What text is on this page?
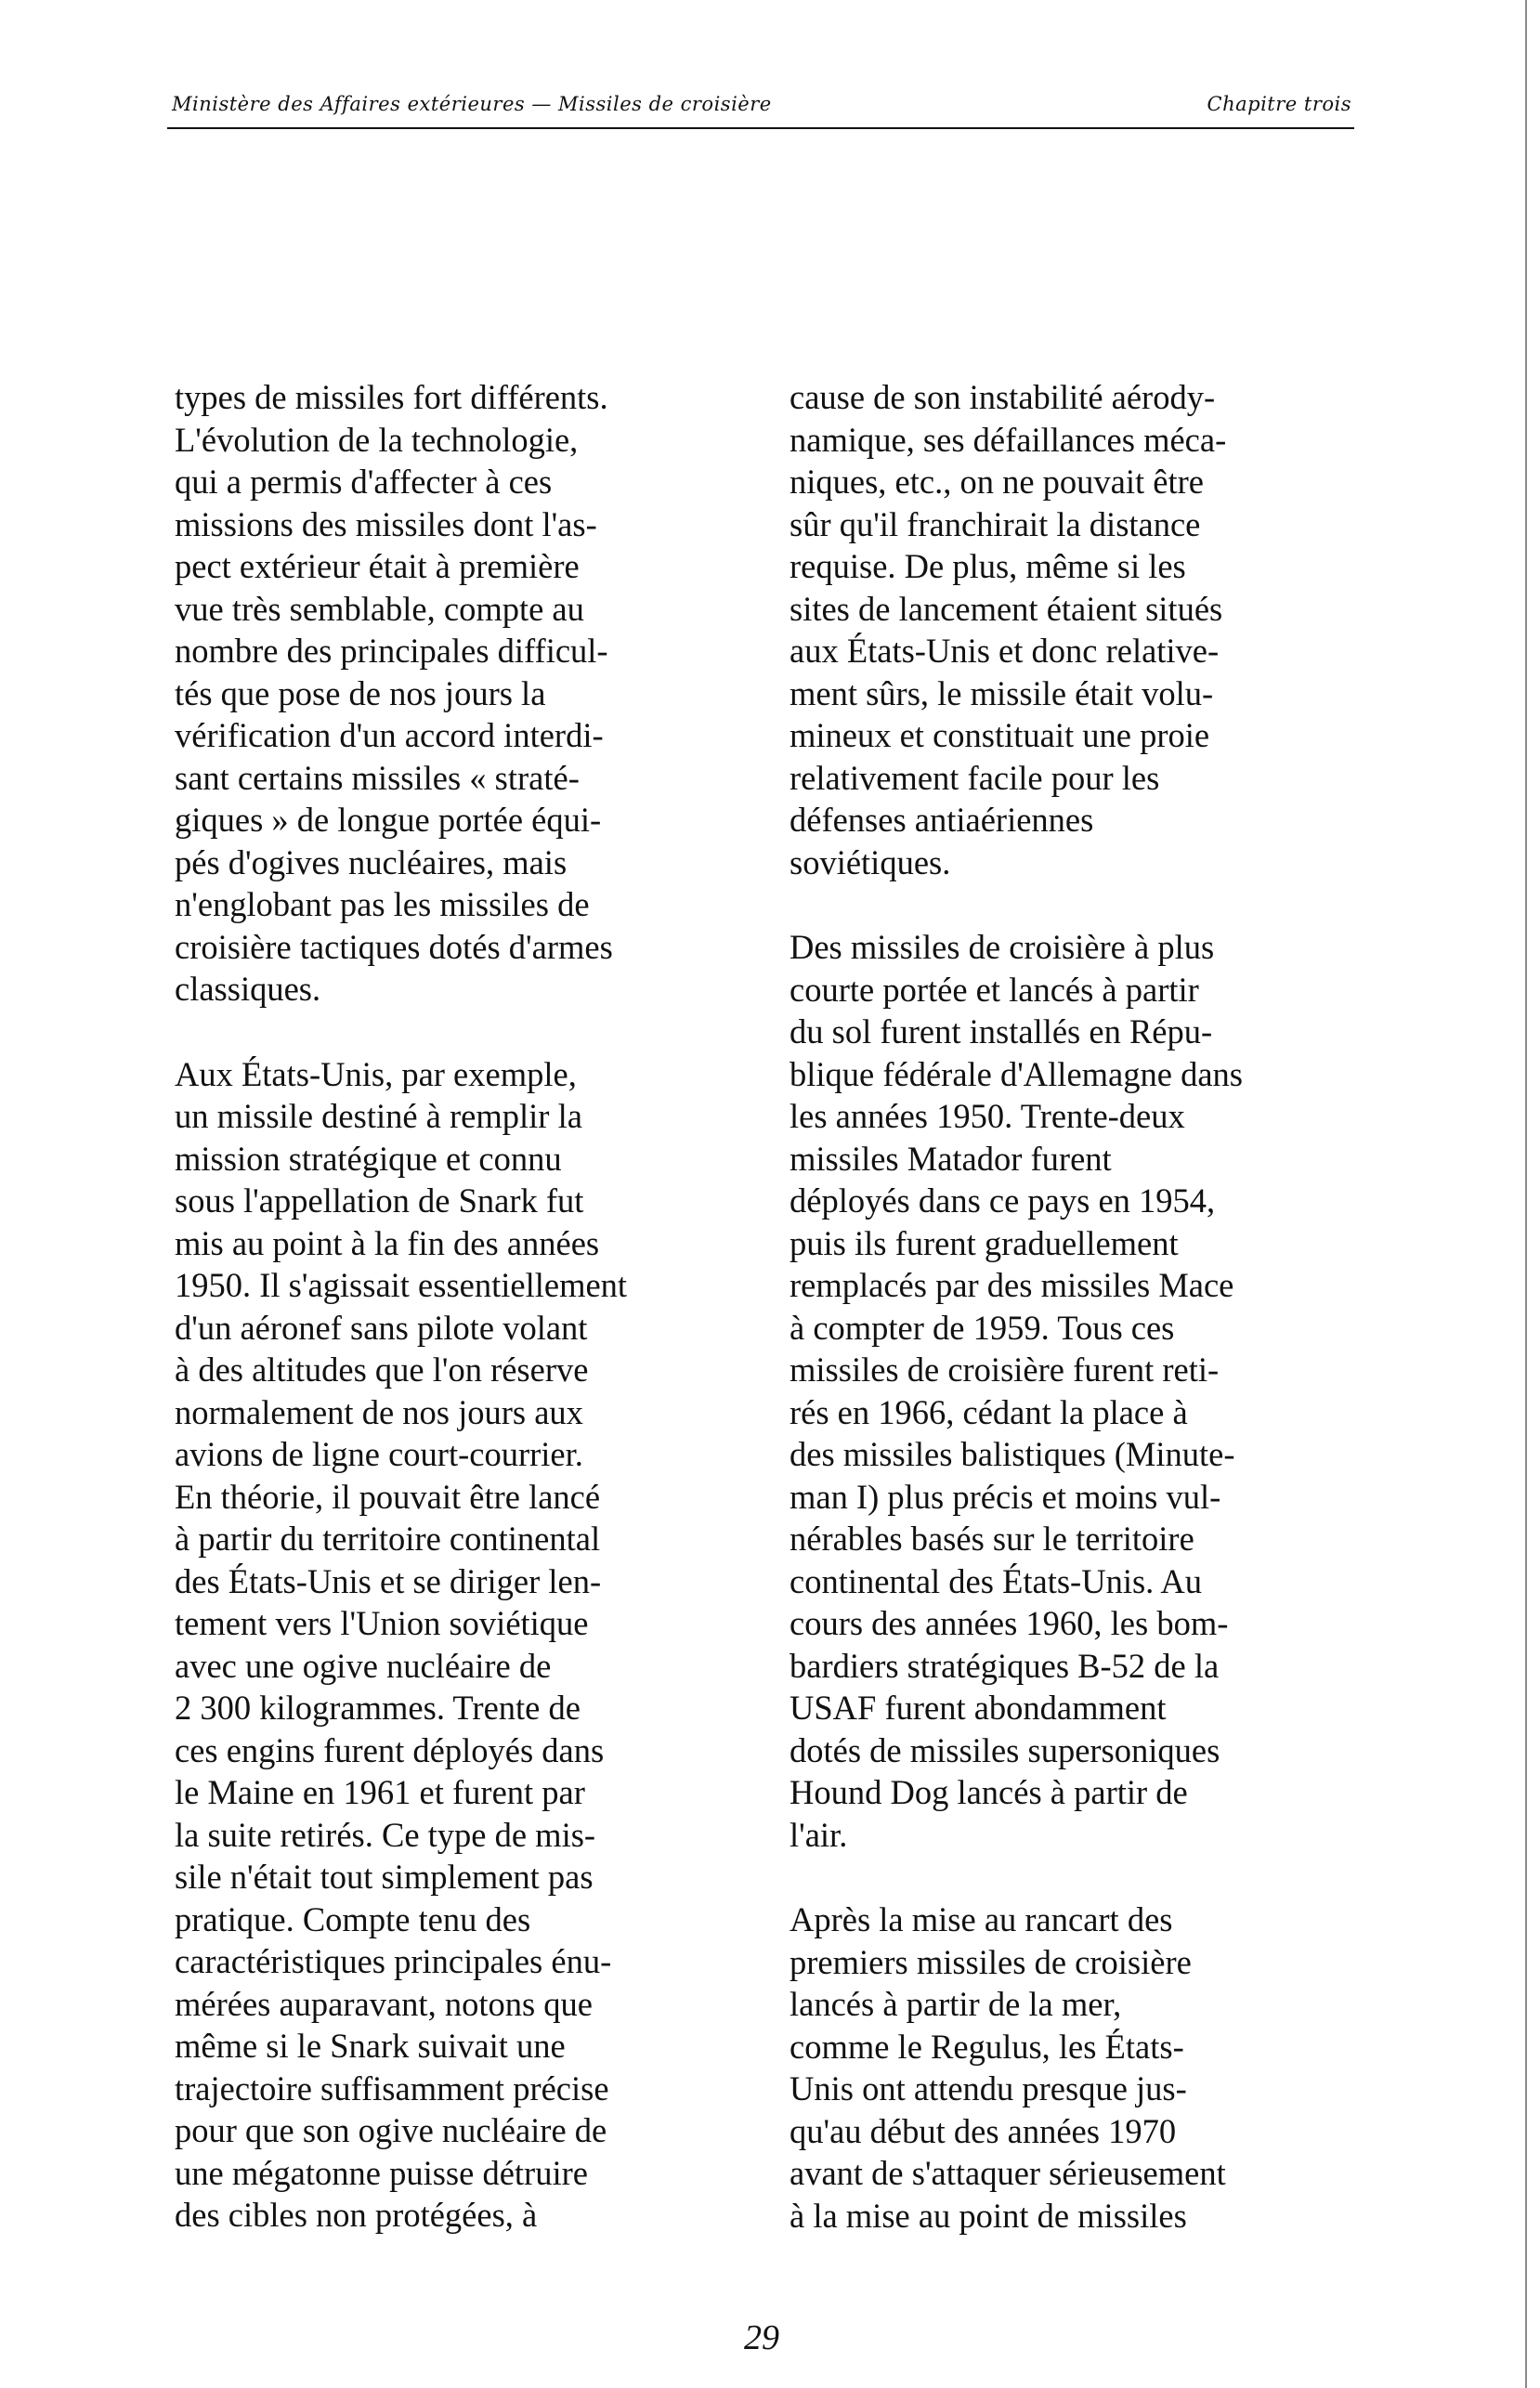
Ministère des Affaires extérieures — Missiles de croisière	Chapitre trois
types de missiles fort différents.
L'évolution de la technologie,
qui a permis d'affecter à ces
missions des missiles dont l'as-
pect extérieur était à première
vue très semblable, compte au
nombre des principales difficul-
tés que pose de nos jours la
vérification d'un accord interdi-
sant certains missiles « straté-
giques » de longue portée équi-
pés d'ogives nucléaires, mais
n'englobant pas les missiles de
croisière tactiques dotés d'armes
classiques.
Aux États-Unis, par exemple,
un missile destiné à remplir la
mission stratégique et connu
sous l'appellation de Snark fut
mis au point à la fin des années
1950. Il s'agissait essentiellement
d'un aéronef sans pilote volant
à des altitudes que l'on réserve
normalement de nos jours aux
avions de ligne court-courrier.
En théorie, il pouvait être lancé
à partir du territoire continental
des États-Unis et se diriger len-
tement vers l'Union soviétique
avec une ogive nucléaire de
2 300 kilogrammes. Trente de
ces engins furent déployés dans
le Maine en 1961 et furent par
la suite retirés. Ce type de mis-
sile n'était tout simplement pas
pratique. Compte tenu des
caractéristiques principales énu-
mérées auparavant, notons que
même si le Snark suivait une
trajectoire suffisamment précise
pour que son ogive nucléaire de
une mégatonne puisse détruire
des cibles non protégées, à
cause de son instabilité aérody-
namique, ses défaillances méca-
niques, etc., on ne pouvait être
sûr qu'il franchirait la distance
requise. De plus, même si les
sites de lancement étaient situés
aux États-Unis et donc relative-
ment sûrs, le missile était volu-
mineux et constituait une proie
relativement facile pour les
défenses antiaériennes
soviétiques.
Des missiles de croisière à plus
courte portée et lancés à partir
du sol furent installés en Répu-
blique fédérale d'Allemagne dans
les années 1950. Trente-deux
missiles Matador furent
déployés dans ce pays en 1954,
puis ils furent graduellement
remplacés par des missiles Mace
à compter de 1959. Tous ces
missiles de croisière furent reti-
rés en 1966, cédant la place à
des missiles balistiques (Minute-
man I) plus précis et moins vul-
nérables basés sur le territoire
continental des États-Unis. Au
cours des années 1960, les bom-
bardiers stratégiques B-52 de la
USAF furent abondamment
dotés de missiles supersoniques
Hound Dog lancés à partir de
l'air.
Après la mise au rancart des
premiers missiles de croisière
lancés à partir de la mer,
comme le Regulus, les États-
Unis ont attendu presque jus-
qu'au début des années 1970
avant de s'attaquer sérieusement
à la mise au point de missiles
29
